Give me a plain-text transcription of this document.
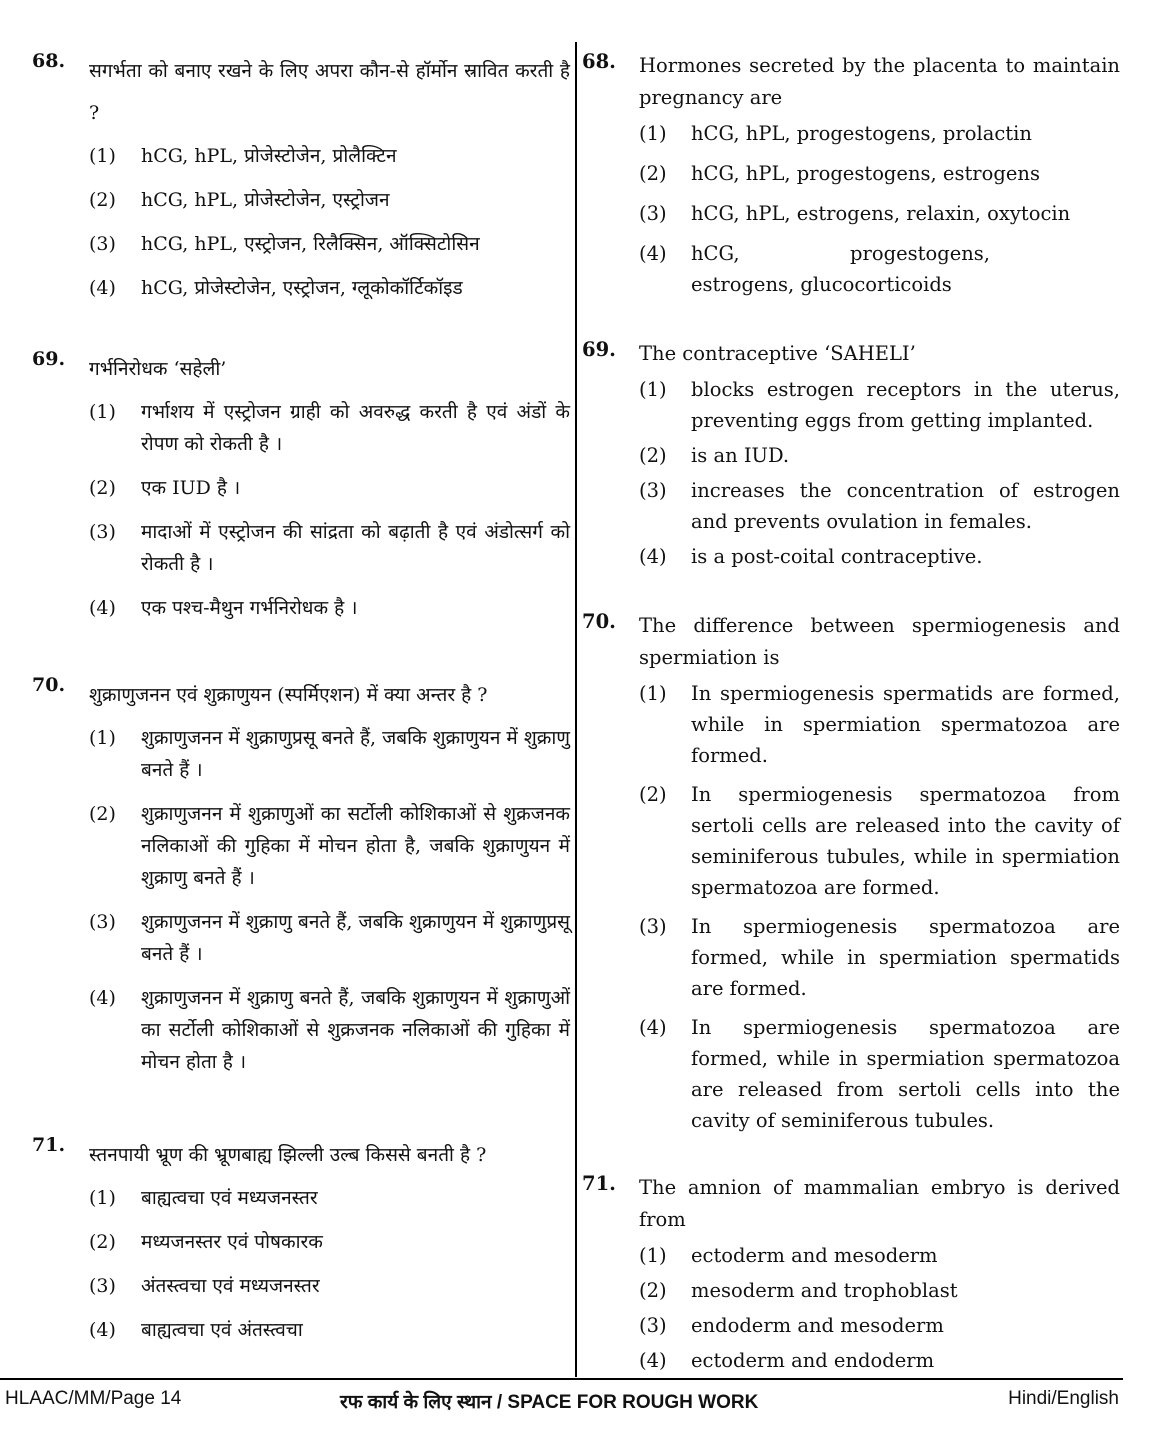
68.	सगर्भता को बनाए रखने के लिए अपरा कौन-से हॉर्मोन स्रावित करती है ?
(1)	hCG, hPL, प्रोजेस्टोजेन, प्रोलैक्टिन
(2)	hCG, hPL, प्रोजेस्टोजेन, एस्ट्रोजन
(3)	hCG, hPL, एस्ट्रोजन, रिलैक्सिन, ऑक्सिटोसिन
(4)	hCG, प्रोजेस्टोजेन, एस्ट्रोजन, ग्लूकोकॉर्टिकॉइड
69.	गर्भनिरोधक ‘सहेली’
(1)	गर्भाशय में एस्ट्रोजन ग्राही को अवरुद्ध करती है एवं अंडों के रोपण को रोकती है ।
(2)	एक IUD है ।
(3)	मादाओं में एस्ट्रोजन की सांद्रता को बढ़ाती है एवं अंडोत्सर्ग को रोकती है ।
(4)	एक पश्च-मैथुन गर्भनिरोधक है ।
70.	शुक्राणुजनन एवं शुक्राणुयन (स्पर्मिएशन) में क्या अन्तर है ?
(1)	शुक्राणुजनन में शुक्राणुप्रसू बनते हैं, जबकि शुक्राणुयन में शुक्राणु बनते हैं ।
(2)	शुक्राणुजनन में शुक्राणुओं का सर्टोली कोशिकाओं से शुक्रजनक नलिकाओं की गुहिका में मोचन होता है, जबकि शुक्राणुयन में शुक्राणु बनते हैं ।
(3)	शुक्राणुजनन में शुक्राणु बनते हैं, जबकि शुक्राणुयन में शुक्राणुप्रसू बनते हैं ।
(4)	शुक्राणुजनन में शुक्राणु बनते हैं, जबकि शुक्राणुयन में शुक्राणुओं का सर्टोली कोशिकाओं से शुक्रजनक नलिकाओं की गुहिका में मोचन होता है ।
71.	स्तनपायी भ्रूण की भ्रूणबाह्य झिल्ली उल्ब किससे बनती है ?
(1)	बाह्यत्वचा एवं मध्यजनस्तर
(2)	मध्यजनस्तर एवं पोषकारक
(3)	अंतस्त्वचा एवं मध्यजनस्तर
(4)	बाह्यत्वचा एवं अंतस्त्वचा
68.	Hormones secreted by the placenta to maintain pregnancy are
(1)	hCG, hPL, progestogens, prolactin
(2)	hCG, hPL, progestogens, estrogens
(3)	hCG, hPL, estrogens, relaxin, oxytocin
(4)	hCG, progestogens, estrogens, glucocorticoids
69.	The contraceptive ‘SAHELI’
(1)	blocks estrogen receptors in the uterus, preventing eggs from getting implanted.
(2)	is an IUD.
(3)	increases the concentration of estrogen and prevents ovulation in females.
(4)	is a post-coital contraceptive.
70.	The difference between spermiogenesis and spermiation is
(1)	In spermiogenesis spermatids are formed, while in spermiation spermatozoa are formed.
(2)	In spermiogenesis spermatozoa from sertoli cells are released into the cavity of seminiferous tubules, while in spermiation spermatozoa are formed.
(3)	In spermiogenesis spermatozoa are formed, while in spermiation spermatids are formed.
(4)	In spermiogenesis spermatozoa are formed, while in spermiation spermatozoa are released from sertoli cells into the cavity of seminiferous tubules.
71.	The amnion of mammalian embryo is derived from
(1)	ectoderm and mesoderm
(2)	mesoderm and trophoblast
(3)	endoderm and mesoderm
(4)	ectoderm and endoderm
HLAAC/MM/Page 14	रफ कार्य के लिए स्थान / SPACE FOR ROUGH WORK	Hindi/English
